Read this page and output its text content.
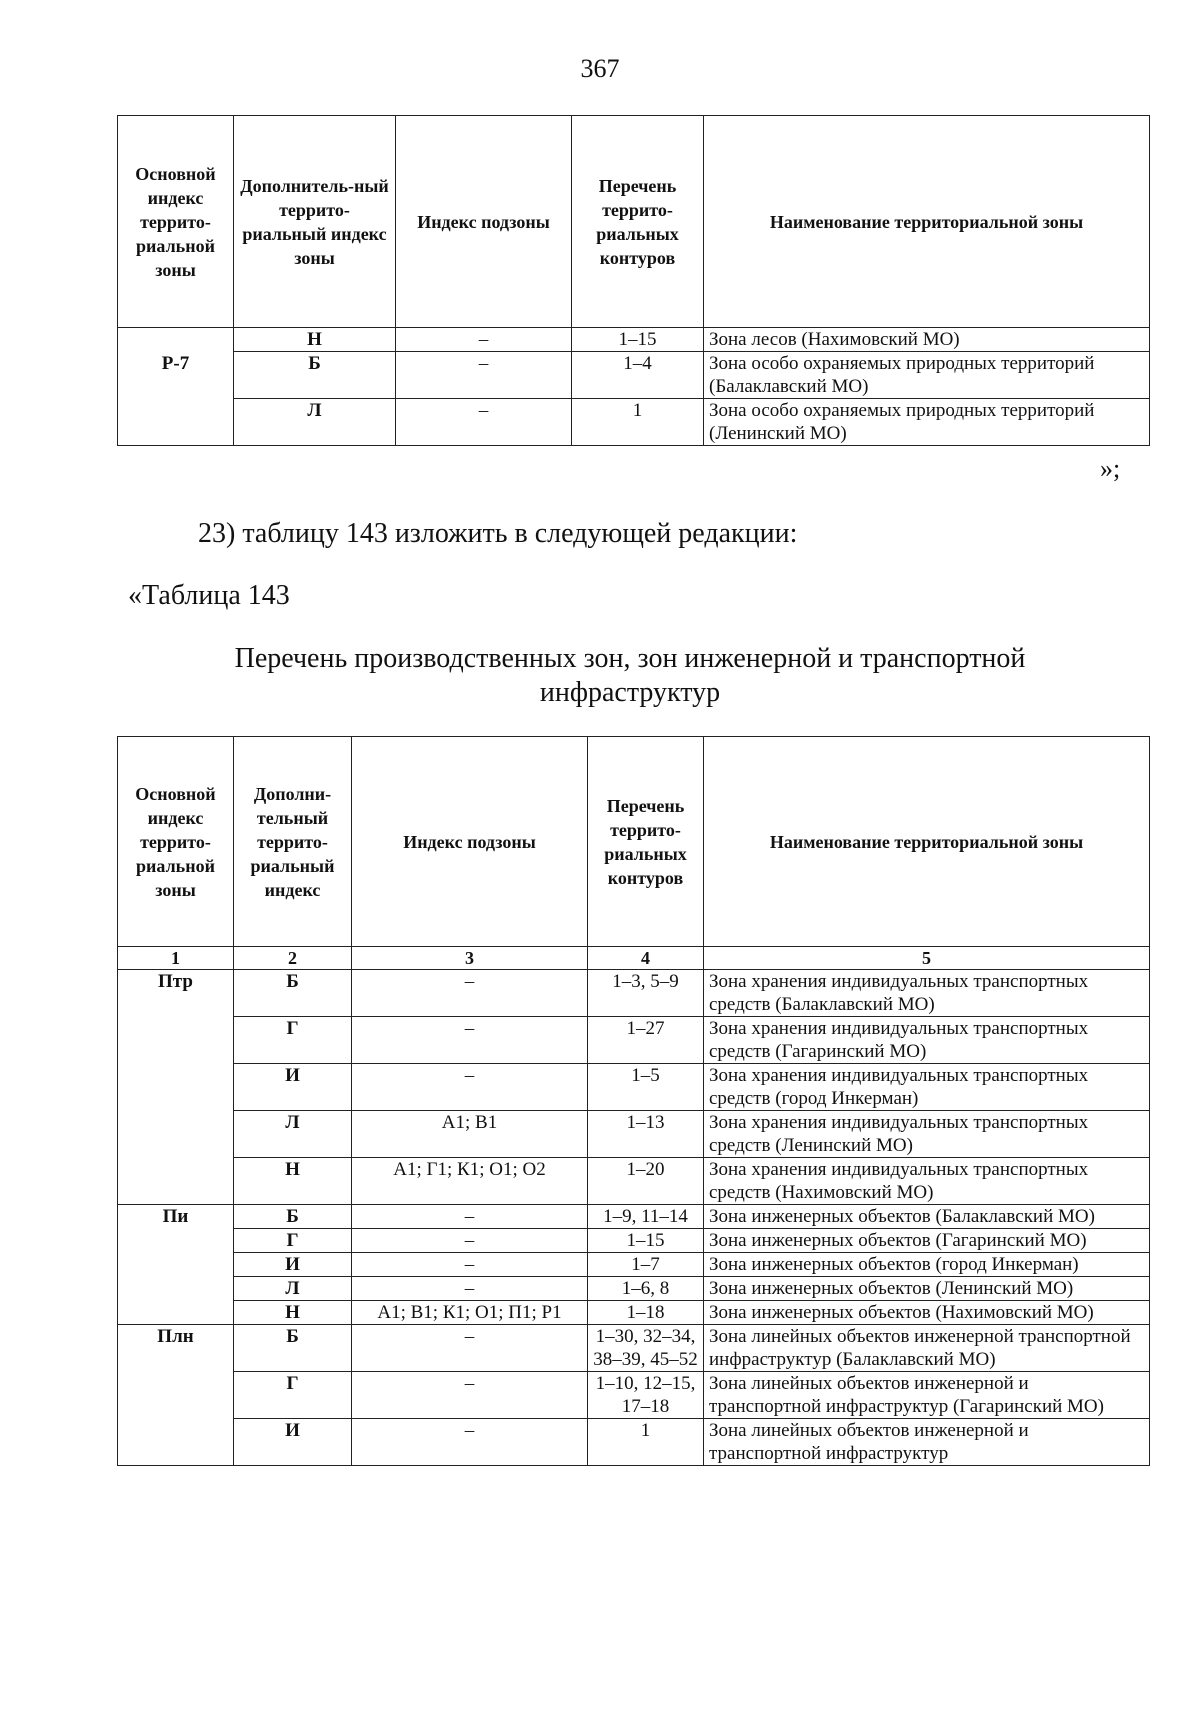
367
Основной индекс террито-риальной зоны	Дополнитель-ный террито-риальный индекс зоны	Индекс подзоны	Перечень террито-риальных контуров	Наименование территориальной зоны
	Н	–	1–15	Зона лесов (Нахимовский МО)
Р-7	Б	–	1–4	Зона особо охраняемых природных территорий (Балаклавский МО)
	Л	–	1	Зона особо охраняемых природных территорий (Ленинский МО)
»;
23) таблицу 143 изложить в следующей редакции:
«Таблица 143
Перечень производственных зон, зон инженерной и транспортной
инфраструктур
Основной индекс террито-риальной зоны	Дополни-тельный террито-риальный индекс	Индекс подзоны	Перечень террито-риальных контуров	Наименование территориальной зоны
1	2	3	4	5
Птр	Б	–	1–3, 5–9	Зона хранения индивидуальных транспортных средств (Балаклавский МО)
	Г	–	1–27	Зона хранения индивидуальных транспортных средств (Гагаринский МО)
	И	–	1–5	Зона хранения индивидуальных транспортных средств (город Инкерман)
	Л	А1; В1	1–13	Зона хранения индивидуальных транспортных средств (Ленинский МО)
	Н	А1; Г1; К1; О1; О2	1–20	Зона хранения индивидуальных транспортных средств (Нахимовский МО)
Пи	Б	–	1–9, 11–14	Зона инженерных объектов (Балаклавский МО)
	Г	–	1–15	Зона инженерных объектов (Гагаринский МО)
	И	–	1–7	Зона инженерных объектов (город Инкерман)
	Л	–	1–6, 8	Зона инженерных объектов (Ленинский МО)
	Н	А1; В1; К1; О1; П1; Р1	1–18	Зона инженерных объектов (Нахимовский МО)
Плн	Б	–	1–30, 32–34, 38–39, 45–52	Зона линейных объектов инженерной транспортной инфраструктур (Балаклавский МО)
	Г	–	1–10, 12–15, 17–18	Зона линейных объектов инженерной и транспортной инфраструктур (Гагаринский МО)
	И	–	1	Зона линейных объектов инженерной и транспортной инфраструктур
